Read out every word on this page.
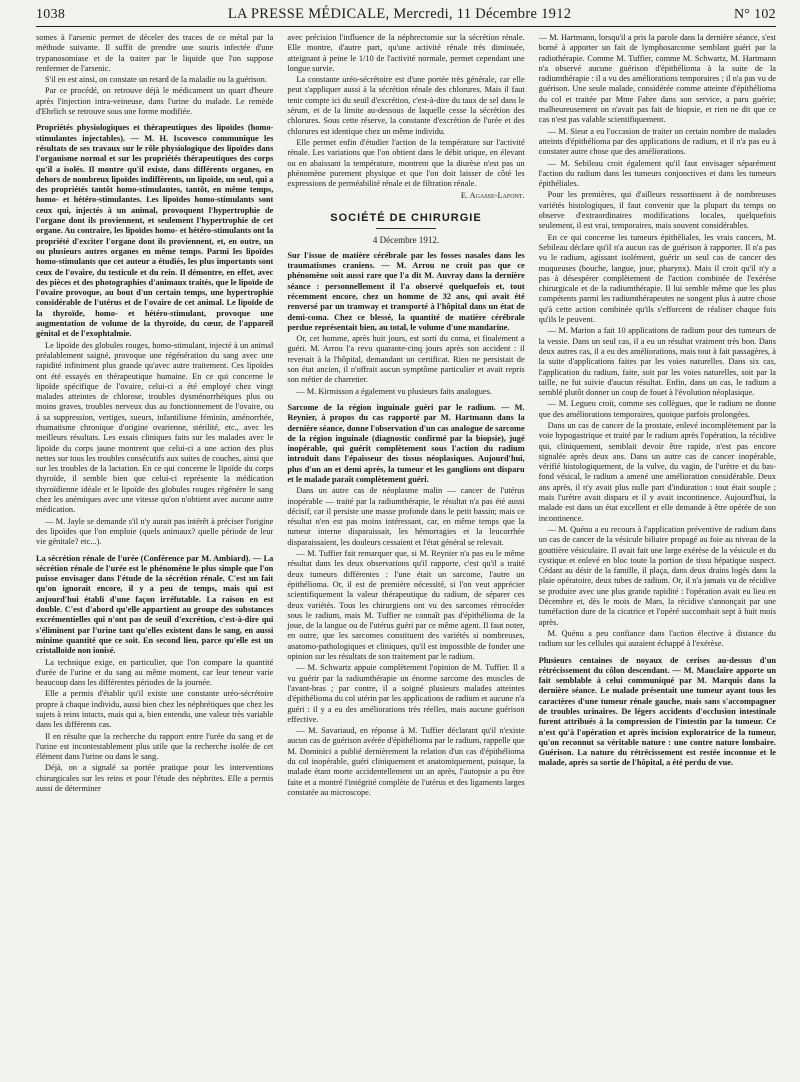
1038	LA PRESSE MÉDICALE, Mercredi, 11 Décembre 1912	N° 102

somes à l'arsenic permet de déceler des traces de ce métal par la méthode suivante. Il suffit de prendre une souris infectée d'une trypanosomiase et de la traiter par le liquide que l'on suppose renfermer de l'arsenic.

S'il en est ainsi, on constate un retard de la maladie ou la guérison.

Par ce procédé, on retrouve déjà le médicament un quart d'heure après l'injection intra-veineuse, dans l'urine du malade. Le remède d'Ehrlich se retrouve sous une forme modifiée.

Propriétés physiologiques et thérapeutiques des lipoïdes (homo-stimulantes injectables). — M. H. Iscovesco communique les résultats de ses travaux sur le rôle physiologique des lipoïdes dans l'organisme normal et sur les propriétés thérapeutiques des corps qu'il a isolés. Il montre qu'il existe, dans différents organes, en dehors de nombreux lipoïdes indifférents, un lipoïde, un seul, qui a des propriétés tantôt homo-stimulantes, tantôt, en même temps, homo- et hétéro-stimulantes. Les lipoïdes homo-stimulants sont ceux qui, injectés à un animal, provoquent l'hypertrophie de l'organe dont ils proviennent, et seulement l'hypertrophie de cet organe. Au contraire, les lipoïdes homo- et hétéro-stimulants ont la propriété d'exciter l'organe dont ils proviennent, et, en outre, un ou plusieurs autres organes en même temps. Parmi les lipoïdes homo-stimulants que cet auteur a étudiés, les plus importants sont ceux de l'ovaire, du testicule et du rein. Il démontre, en effet, avec des pièces et des photographies d'animaux traités, que le lipoïde de l'ovaire provoque, au bout d'un certain temps, une hypertrophie considérable de l'utérus et de l'ovaire de cet animal. Le lipoïde de la thyroïde, homo- et hétéro-stimulant, provoque une augmentation de volume de la thyroïde, du cœur, de l'appareil génital et de l'exophtalmie.

Le lipoïde des globules rouges, homo-stimulant, injecté à un animal préalablement saigné, provoque une régénération du sang avec une rapidité infiniment plus grande qu'avec autre traitement. Ces lipoïdes ont été essayés en thérapeutique humaine. En ce qui concerne le lipoïde spécifique de l'ovaire, celui-ci a été employé chez vingt malades atteintes de chlorose, troubles dysménorrhéiques plus ou moins graves, troubles nerveux dus au fonctionnement de l'ovaire, ou à sa suppression, vertiges, sueurs, infantilisme féminin, aménorrhée, rhumatisme chronique d'origine ovarienne, stérilité, etc., avec les meilleurs résultats. Les essais cliniques faits sur les malades avec le lipoïde du corps jaune montrent que celui-ci a une action des plus nettes sur tous les troubles consécutifs aux suites de couches, ainsi que sur les troubles de la lactation. En ce qui concerne le lipoïde du corps thyroïde, il semble bien que celui-ci représente la médication thyroïdienne idéale et le lipoïde des globules rouges régénère le sang chez les anémiques avec une vitesse qu'on n'obtient avec aucune autre médication.

— M. Jayle se demande s'il n'y aurait pas intérêt à préciser l'origine des lipoïdes que l'on emploie (quels animaux? quelle période de leur vie génitale? etc...).

La sécrétion rénale de l'urée (Conférence par M. Ambiard). — La sécrétion rénale de l'urée est le phénomène le plus simple que l'on puisse envisager dans l'étude de la sécrétion rénale. C'est un fait qu'on ignorait encore, il y a peu de temps, mais qui est aujourd'hui établi d'une façon irréfutable. La raison en est double. C'est d'abord qu'elle appartient au groupe des substances excrémentielles qui n'ont pas de seuil d'excrétion, c'est-à-dire qui s'éliminent par l'urine tant qu'elles existent dans le sang, en aussi minime quantité que ce soit. En second lieu, parce qu'elle est un cristalloïde non ionisé.

La technique exige, en particulier, que l'on compare la quantité d'urée de l'urine et du sang au même moment, car leur teneur varie beaucoup dans les différentes périodes de la journée.

Elle a permis d'établir qu'il existe une constante uréo-sécrétoire propre à chaque individu, aussi bien chez les néphrétiques que chez les sujets à reins intacts, mais qui a, bien entendu, une valeur très variable dans les différents cas.

Il en résulte que la recherche du rapport entre l'urée du sang et de l'urine est incontestablement plus utile que la recherche isolée de cet élément dans l'urine ou dans le sang.

Déjà, on a signalé sa portée pratique pour les interventions chirurgicales sur les reins et pour l'étude des néphrites. Elle a permis aussi de déterminer

avec précision l'influence de la néphrectomie sur la sécrétion rénale. Elle montre, d'autre part, qu'une activité rénale très diminuée, atteignant à peine le 1/10 de l'activité normale, permet cependant une longue survie.

La constante uréo-sécrétoire est d'une portée très générale, car elle peut s'appliquer aussi à la sécrétion rénale des chlorures. Mais il faut tenir compte ici du seuil d'excrétion, c'est-à-dire du taux de sel dans le sérum, et de la limite au-dessous de laquelle cesse la sécrétion des chlorures. Sous cette réserve, la constante d'excrétion de l'urée et des chlorures est identique chez un même individu.

Elle permet enfin d'étudier l'action de la température sur l'activité rénale. Les variations que l'on obtient dans le débit urique, en élevant ou en abaissant la température, montrent que la diurèse n'est pas un phénomène purement physique et que l'on doit laisser de côté les expressions de perméabilité rénale et de filtration rénale.

E. Agasse-Lafont.

SOCIÉTÉ DE CHIRURGIE
4 Décembre 1912.

Sur l'issue de matière cérébrale par les fosses nasales dans les traumatismes craniens. — M. Arrou ne croit pas que ce phénomène soit aussi rare que l'a dit M. Auvray dans la dernière séance : personnellement il l'a observé quelquefois et, tout récemment encore, chez un homme de 32 ans, qui avait été renversé par un tramway et transporté à l'hôpital dans un état de demi-coma. Chez ce blessé, la quantité de matière cérébrale perdue représentait bien, au total, le volume d'une mandarine.

Or, cet homme, après huit jours, est sorti du coma, et finalement a guéri. M. Arrou l'a revu quarante-cinq jours après son accident : il revenait à la l'hôpital, demandant un certificat. Rien ne persistait de son état ancien, il n'offrait aucun symptôme particulier et avait repris son métier de charretier.

— M. Kirmisson a également vu plusieurs faits analogues.

Sarcome de la région inguinale guéri par le radium. — M. Reynier, à propos du cas rapporté par M. Hartmann dans la dernière séance, donne l'observation d'un cas analogue de sarcome de la région inguinale (diagnostic confirmé par la biopsie), jugé inopérable, qui guérit complètement sous l'action du radium introduit dans l'épaisseur des tissus néoplasiques. Aujourd'hui, plus d'un an et demi après, la tumeur et les ganglions ont disparu et le malade paraît complètement guéri.

Dans un autre cas de néoplasme malin — cancer de l'utérus inopérable — traité par la radiumthérapie, le résultat n'a pas été aussi décisif, car il persiste une masse profonde dans le petit bassin; mais ce résultat n'en est pas moins intéressant, car, en même temps que la tumeur interne disparaissait, les hémorragies et la leucorrhée disparaissaient, les douleurs cessaient et l'état général se relevait.

— M. Tuffier fait remarquer que, si M. Reynier n'a pas eu le même résultat dans les deux observations qu'il rapporte, c'est qu'il a traité deux tumeurs différentes : l'une était un sarcome, l'autre un épithélioma. Or, il est de première nécessité, si l'on veut apprécier scientifiquement la valeur thérapeutique du radium, de séparer ces deux variétés. Tous les chirurgiens ont vu des sarcomes rétrocéder sous le radium, mais M. Tuffier ne connaît pas d'épithélioma de la joue, de la langue ou de l'utérus guéri par ce même agent. Il faut noter, en outre, que les sarcomes constituent des variétés si nombreuses, anatomo-pathologiques et cliniques, qu'il est impossible de fonder une opinion sur les résultats de son traitement par le radium.

— M. Schwartz appuie complètement l'opinion de M. Tuffier. Il a vu guérir par la radiumthérapie un énorme sarcome des muscles de l'avant-bras ; par contre, il a soigné plusieurs malades atteintes d'épithélioma du col utérin par les applications de radium et aucune n'a guéri : il y a eu des améliorations très réelles, mais aucune guérison effective.

— M. Savariaud, en réponse à M. Tuffier déclarant qu'il n'existe aucun cas de guérison avérée d'épithélioma par le radium, rappelle que M. Dominici a publié dernièrement la relation d'un cas d'épithélioma du col inopérable, guéri cliniquement et anatomiquement, puisque, la malade étant morte accidentellement un an après, l'autopsie a pu être faite et a montré l'intégrité complète de l'utérus et des ligaments larges constatée au microscope.

— M. Hartmann, lorsqu'il a pris la parole dans la dernière séance, s'est borné à apporter un fait de lymphosarcome semblant guéri par la radiothérapie. Comme M. Tuffier, comme M. Schwartz, M. Hartmann n'a observé aucune guérison d'épithélioma à la suite de la radiumthérapie : il a vu des améliorations temporaires ; il n'a pas vu de guérison. Une seule malade, considérée comme atteinte d'épithélioma du col et traitée par Mme Fabre dans son service, a paru guérie; malheureusement on n'avait pas fait de biopsie, et rien ne dit que ce cas n'est pas valable scientifiquement.

— M. Sieur a eu l'occasion de traiter un certain nombre de malades atteints d'épithélioma par des applications de radium, et il n'a pas eu à constater autre chose que des améliorations.

— M. Sebileau croit également qu'il faut envisager séparément l'action du radium dans les tumeurs conjonctives et dans les tumeurs épithéliales.

Pour les premières, qui d'ailleurs ressortissent à de nombreuses variétés histologiques, il faut convenir que la plupart du temps on observe d'extraordinaires modifications locales, quelquefois seulement, il est vrai, temporaires, mais souvent considérables.

En ce qui concerne les tumeurs épithéliales, les vrais cancers, M. Sebileau déclare qu'il n'a aucun cas de guérison à rapporter. Il n'a pas vu le radium, agissant isolément, guérir un seul cas de cancer des muqueuses (bouche, langue, joue, pharynx). Mais il croit qu'il n'y a pas à désespérer complètement de l'action combinée de l'exérèse chirurgicale et de la radiumthérapie. Il lui semble même que les plus compétents parmi les radiumthérapeutes ne songent plus à autre chose qu'à cette action combinée qu'ils s'efforcent de réaliser chaque fois qu'ils le peuvent.

— M. Marion a fait 10 applications de radium pour des tumeurs de la vessie. Dans un seul cas, il a eu un résultat vraiment très bon. Dans deux autres cas, il a eu des améliorations, mais tout à fait passagères, à la suite d'applications faites par les voies naturelles. Dans six cas, l'application du radium, faite, soit par les voies naturelles, soit par la taille, ne fut suivie d'aucun résultat. Enfin, dans un cas, le radium a semblé plutôt donner un coup de fouet à l'évolution néoplasique.

— M. Legueu croit, comme ses collègues, que le radium ne donne que des améliorations temporaires, quoique parfois prolongées.

Dans un cas de cancer de la prostate, enlevé incomplètement par la voie hypogastrique et traité par le radium après l'opération, la récidive qui, cliniquement, semblait devoir être rapide, n'est pas encore signalée après deux ans. Dans un autre cas de cancer inopérable, vérifié histologiquement, de la vulve, du vagin, de l'urètre et du bas-fond vésical, le radium a amené une amélioration considérable. Deux ans après, il n'y avait plus nulle part d'induration : tout était souple ; mais l'urètre avait disparu et il y avait incontinence. Aujourd'hui, la malade est dans un état excellent et elle demande à être opérée de son incontinence.

— M. Quénu a eu recours à l'application préventive de radium dans un cas de cancer de la vésicule biliaire propagé au foie au niveau de la gouttière vésiculaire. Il avait fait une large exérèse de la vésicule et du cystique et enlevé en bloc toute la portion de tissu hépatique suspect. Cédant au désir de la famille, il plaça, dans deux drains logés dans la plaie opératoire, deux tubes de radium. Or, il n'a jamais vu de récidive se produire avec une plus grande rapidité : l'opération avait eu lieu en Décembre et, dès le mois de Mars, la récidive s'annonçait par une tuméfaction dure de la cicatrice et l'opéré succombait sept à huit mois après.

M. Quénu a peu confiance dans l'action élective à distance du radium sur les cellules qui auraient échappé à l'exérèse.

Plusieurs centaines de noyaux de cerises au-dessus d'un rétrécissement du côlon descendant. — M. Mauclaire apporte un fait semblable à celui communiqué par M. Marquis dans la dernière séance. Le malade présentait une tumeur ayant tous les caractères d'une tumeur rénale gauche, mais sans s'accompagner de troubles urinaires. De légers accidents d'occlusion intestinale furent attribués à la compression de l'intestin par la tumeur. Ce n'est qu'à l'opération et après incision exploratrice de la tumeur, qu'on reconnut sa véritable nature : une contre nature lombaire. Guérison. La nature du rétrécissement est restée inconnue et le malade, après sa sortie de l'hôpital, a été perdu de vue.
